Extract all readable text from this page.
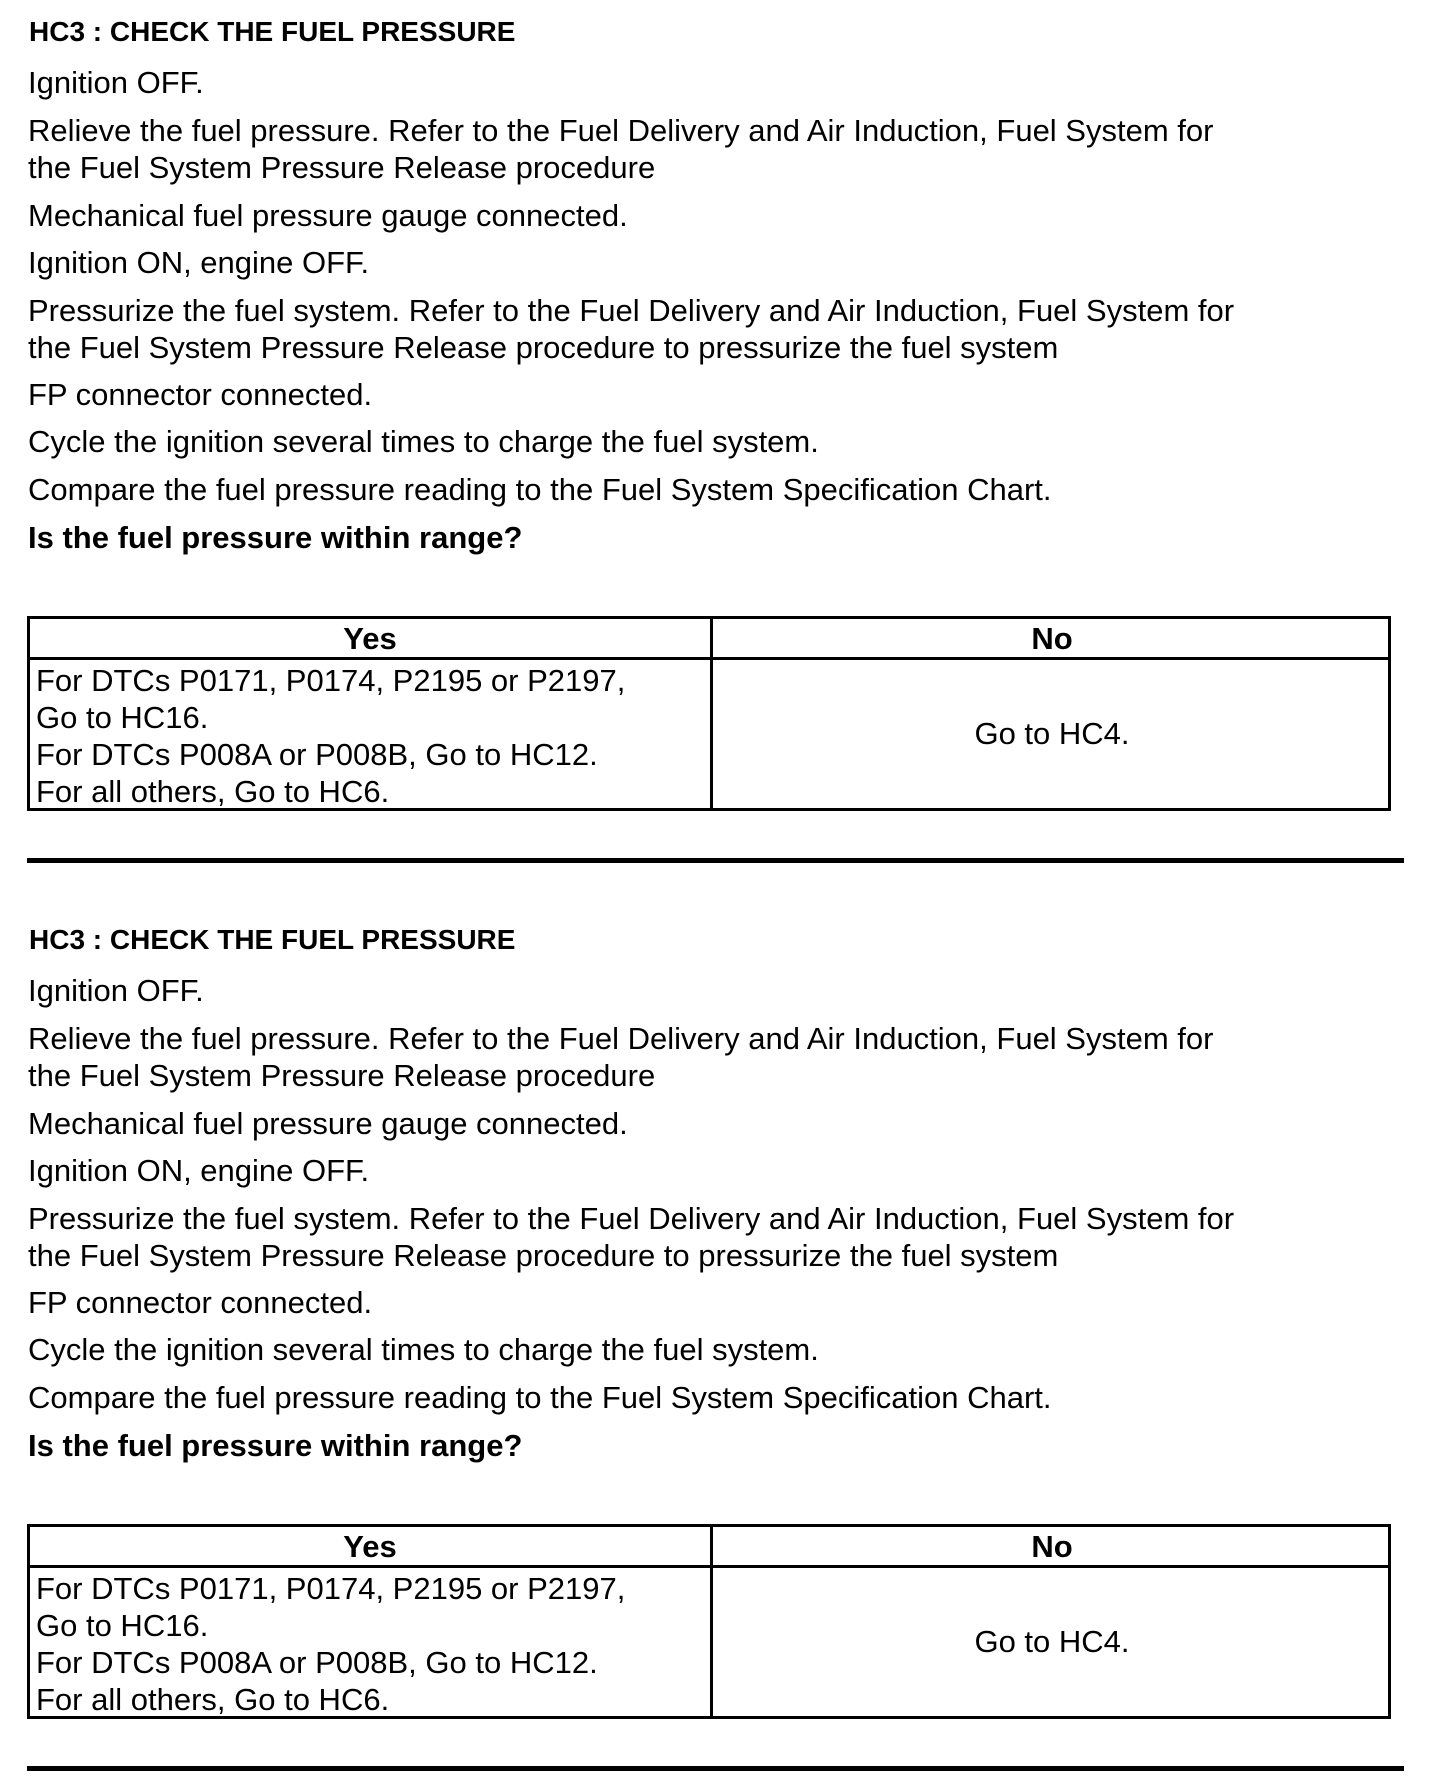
HC3 : CHECK THE FUEL PRESSURE
Ignition OFF.
Relieve the fuel pressure. Refer to the Fuel Delivery and Air Induction, Fuel System for
the Fuel System Pressure Release procedure
Mechanical fuel pressure gauge connected.
Ignition ON, engine OFF.
Pressurize the fuel system. Refer to the Fuel Delivery and Air Induction, Fuel System for
the Fuel System Pressure Release procedure to pressurize the fuel system
FP connector connected.
Cycle the ignition several times to charge the fuel system.
Compare the fuel pressure reading to the Fuel System Specification Chart.
Is the fuel pressure within range?
Yes	No
For DTCs P0171, P0174, P2195 or P2197,
Go to HC16.
For DTCs P008A or P008B, Go to HC12.
For all others, Go to HC6.
Go to HC4.
HC3 : CHECK THE FUEL PRESSURE
Ignition OFF.
Relieve the fuel pressure. Refer to the Fuel Delivery and Air Induction, Fuel System for
the Fuel System Pressure Release procedure
Mechanical fuel pressure gauge connected.
Ignition ON, engine OFF.
Pressurize the fuel system. Refer to the Fuel Delivery and Air Induction, Fuel System for
the Fuel System Pressure Release procedure to pressurize the fuel system
FP connector connected.
Cycle the ignition several times to charge the fuel system.
Compare the fuel pressure reading to the Fuel System Specification Chart.
Is the fuel pressure within range?
Yes	No
For DTCs P0171, P0174, P2195 or P2197,
Go to HC16.
For DTCs P008A or P008B, Go to HC12.
For all others, Go to HC6.
Go to HC4.
